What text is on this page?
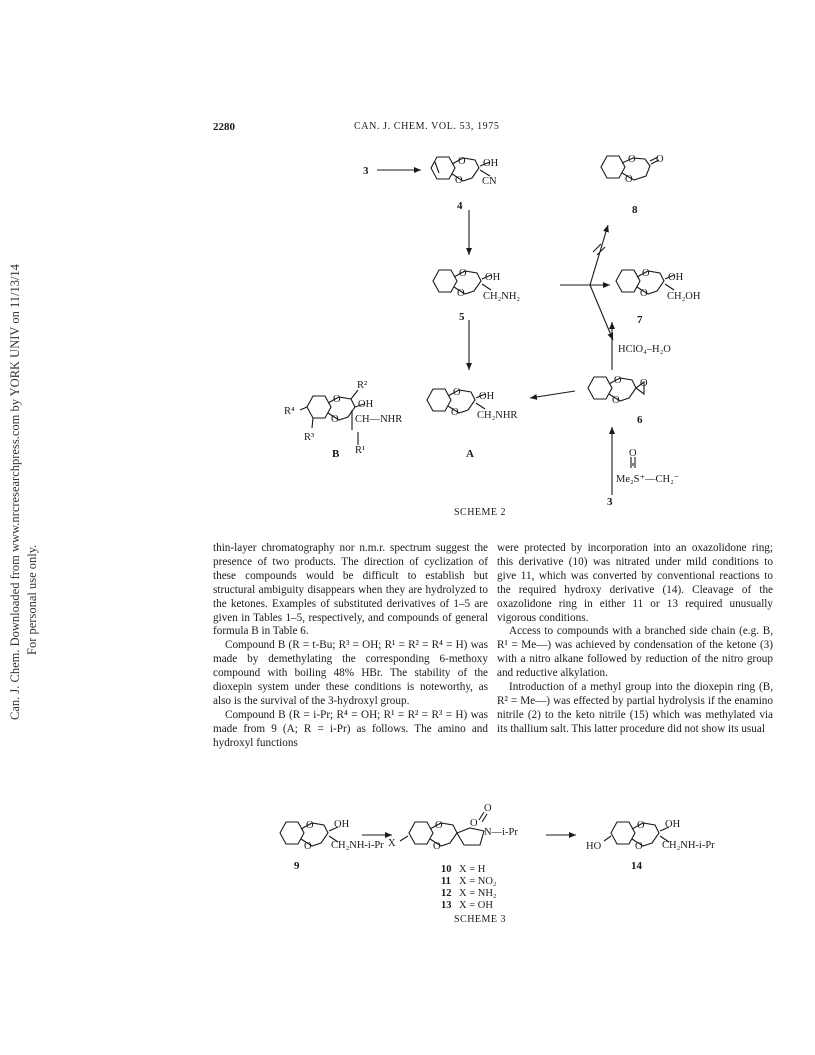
Can. J. Chem. Downloaded from www.nrcresearchpress.com by YORK UNIV on 11/13/14 For personal use only.
2280	CAN. J. CHEM. VOL. 53, 1975
3
4	8
5	7
6
A
B
3
O
O
OH
CN
O
O
O
O
O
OH
CH₂NH₂
O
O
OH
CH₂OH
HClO₄–H₂O
O
O
O
O
O
OH
CH₂NHR
R²
O
O
OH
CH—NHR
R⁴
R³
R¹	O
Me₂S⁺—CH₂⁻
O
O
OH
CH₂NH-i-Pr
9
X
O
O
O
O
N—i-Pr
HO
O
O
OH
CH₂NH-i-Pr
14
10 X = H
11 X = NO₂
12 X = NH₂
13 X = OH
SCHEME 2
SCHEME 3

thin-layer chromatography nor n.m.r. spectrum suggest the presence of two products. The direction of cyclization of these compounds would be difficult to establish but structural ambiguity disappears when they are hydrolyzed to the ketones. Examples of substituted derivatives of 1–5 are given in Tables 1–5, respectively, and compounds of general formula B in Table 6.

Compound B (R = t-Bu; R³ = OH; R¹ = R² = R⁴ = H) was made by demethylating the corresponding 6-methoxy compound with boiling 48% HBr. The stability of the dioxepin system under these conditions is noteworthy, as also is the survival of the 3-hydroxyl group.

Compound B (R = i-Pr; R⁴ = OH; R¹ = R² = R³ = H) was made from 9 (A; R = i-Pr) as follows. The amino and hydroxyl functions

were protected by incorporation into an oxazolidone ring; this derivative (10) was nitrated under mild conditions to give 11, which was converted by conventional reactions to the required hydroxy derivative (14). Cleavage of the oxazolidone ring in either 11 or 13 required unusually vigorous conditions.

Access to compounds with a branched side chain (e.g. B, R¹ = Me—) was achieved by condensation of the ketone (3) with a nitro alkane followed by reduction of the nitro group and reductive alkylation.

Introduction of a methyl group into the dioxepin ring (B, R² = Me—) was effected by partial hydrolysis if the enamino nitrile (2) to the keto nitrile (15) which was methylated via its thallium salt. This latter procedure did not show its usual
